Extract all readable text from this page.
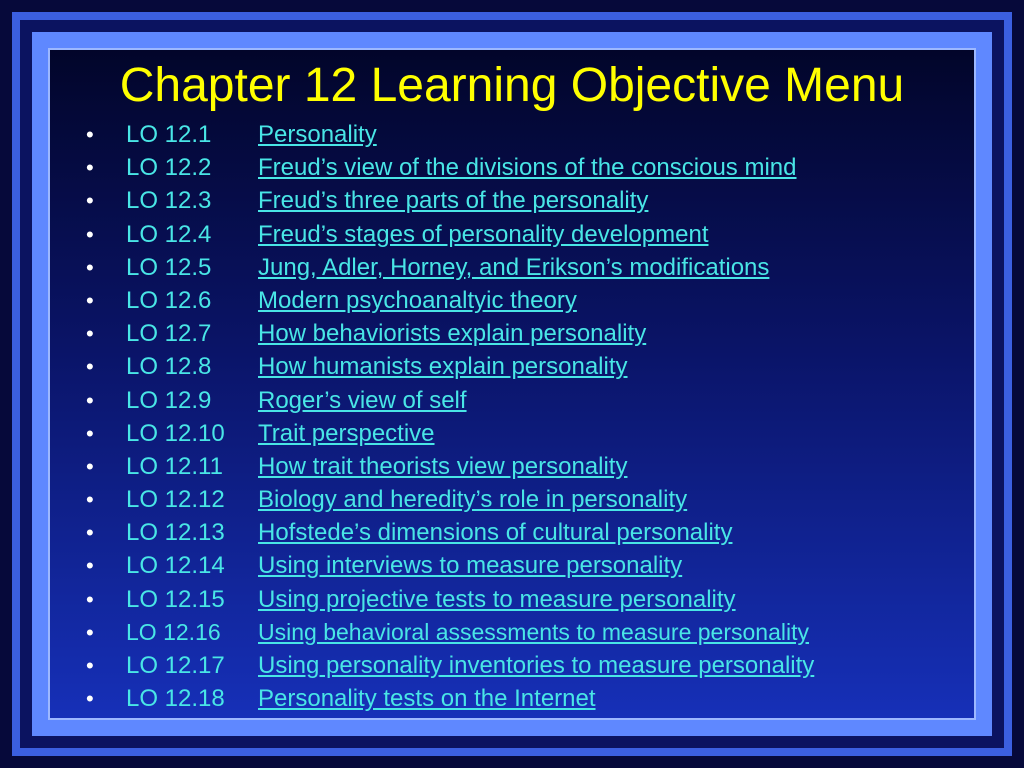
Chapter 12 Learning Objective Menu
• LO 12.1 Personality
• LO 12.2 Freud’s view of the divisions of the conscious mind
• LO 12.3 Freud’s three parts of the personality
• LO 12.4 Freud’s stages of personality development
• LO 12.5 Jung, Adler, Horney, and Erikson’s modifications
• LO 12.6 Modern psychoanaltyic theory
• LO 12.7 How behaviorists explain personality
• LO 12.8 How humanists explain personality
• LO 12.9 Roger’s view of self
• LO 12.10 Trait perspective
• LO 12.11 How trait theorists view personality
• LO 12.12 Biology and heredity’s role in personality
• LO 12.13 Hofstede’s dimensions of cultural personality
• LO 12.14 Using interviews to measure personality
• LO 12.15 Using projective tests to measure personality
• LO 12.16 Using behavioral assessments to measure personality
• LO 12.17 Using personality inventories to measure personality
• LO 12.18 Personality tests on the Internet
